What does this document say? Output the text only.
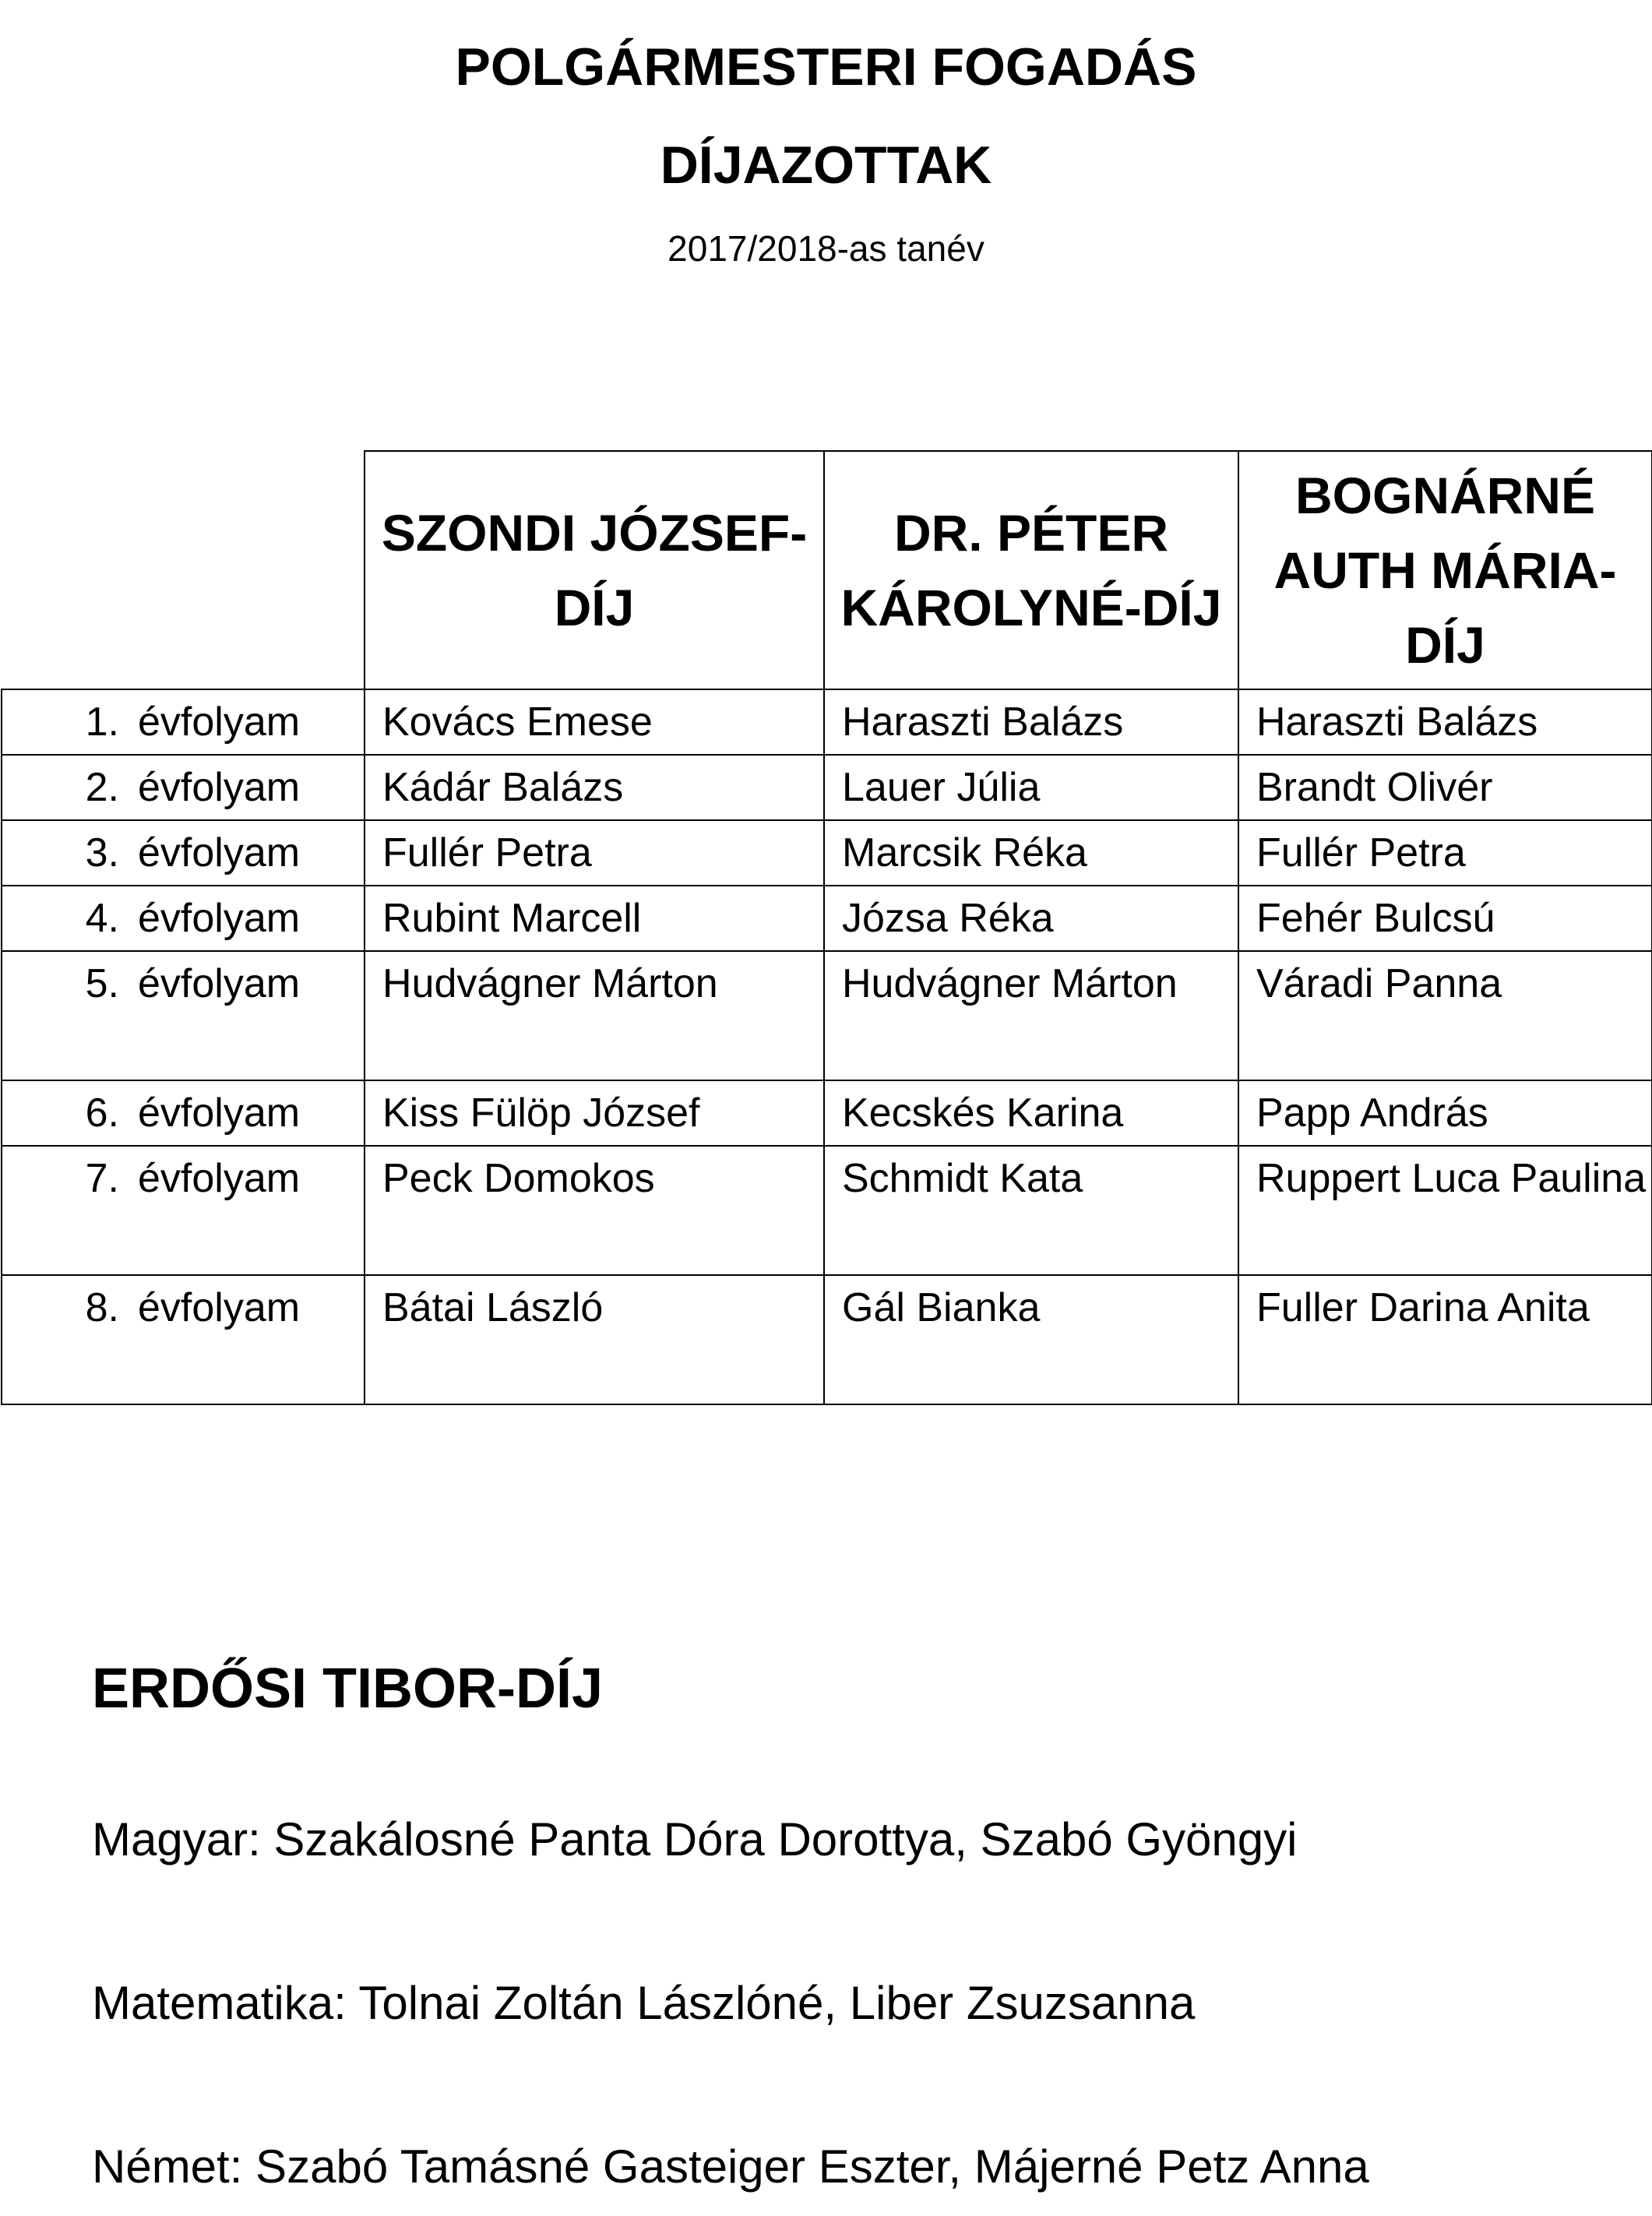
POLGÁRMESTERI FOGADÁS
DÍJAZOTTAK
2017/2018-as tanév
	SZONDI JÓZSEF-DÍJ	DR. PÉTER KÁROLYNÉ-DÍJ	BOGNÁRNÉ AUTH MÁRIA-DÍJ
1. évfolyam	Kovács Emese	Haraszti Balázs	Haraszti Balázs
2. évfolyam	Kádár Balázs	Lauer Júlia	Brandt Olivér
3. évfolyam	Fullér Petra	Marcsik Réka	Fullér Petra
4. évfolyam	Rubint Marcell	Józsa Réka	Fehér Bulcsú
5. évfolyam	Hudvágner Márton	Hudvágner Márton	Váradi Panna
6. évfolyam	Kiss Fülöp József	Kecskés Karina	Papp András
7. évfolyam	Peck Domokos	Schmidt Kata	Ruppert Luca Paulina
8. évfolyam	Bátai László	Gál Bianka	Fuller Darina Anita
ERDŐSI TIBOR-DÍJ
Magyar: Szakálosné Panta Dóra Dorottya, Szabó Gyöngyi
Matematika: Tolnai Zoltán Lászlóné, Liber Zsuzsanna
Német: Szabó Tamásné Gasteiger Eszter, Májerné Petz Anna
